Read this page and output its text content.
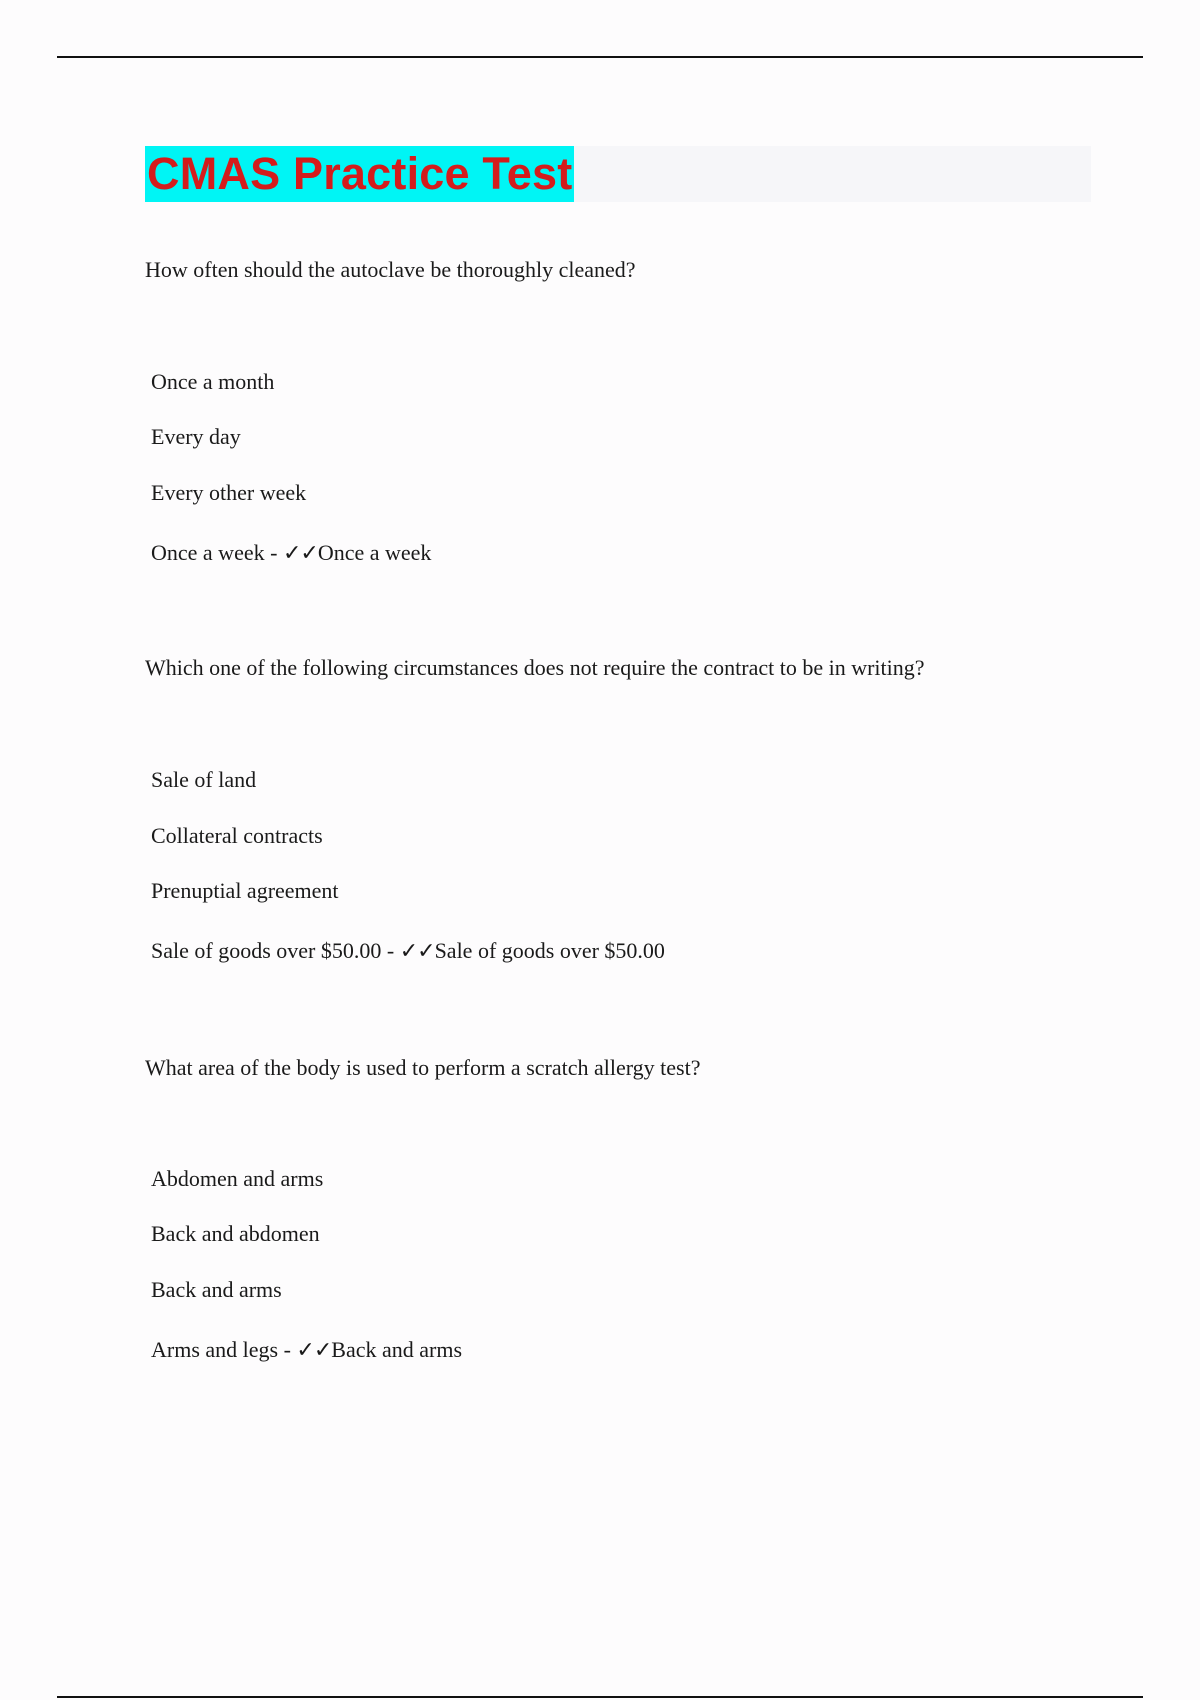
CMAS Practice Test
How often should the autoclave be thoroughly cleaned?
Once a month
Every day
Every other week
Once a week - ✓✓Once a week
Which one of the following circumstances does not require the contract to be in writing?
Sale of land
Collateral contracts
Prenuptial agreement
Sale of goods over $50.00 - ✓✓Sale of goods over $50.00
What area of the body is used to perform a scratch allergy test?
Abdomen and arms
Back and abdomen
Back and arms
Arms and legs - ✓✓Back and arms
